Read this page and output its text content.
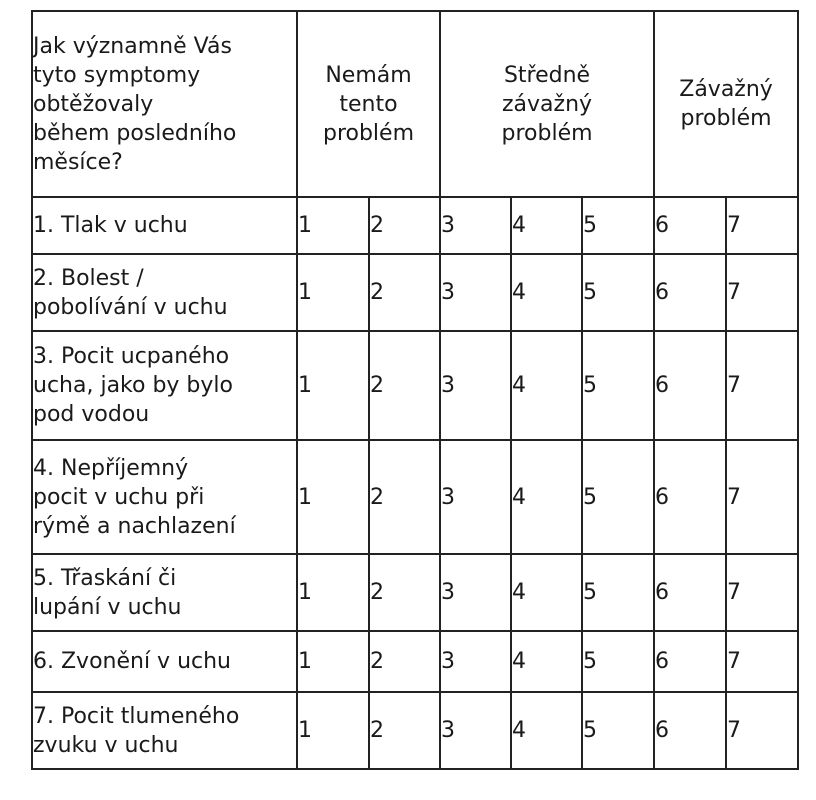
Jak významně Vás
tyto symptomy
obtěžovaly
během posledního
měsíce?	Nemám
tento
problém		Středně
závažný
problém			Závažný
problém	

1. Tlak v uchu	1	2	3	4	5	6	7

2. Bolest /
pobolívání v uchu	1	2	3	4	5	6	7

3. Pocit ucpaného
ucha, jako by bylo
pod vodou	1	2	3	4	5	6	7

4. Nepříjemný
pocit v uchu při
rýmě a nachlazení	1	2	3	4	5	6	7

5. Třaskání či
lupání v uchu	1	2	3	4	5	6	7

6. Zvonění v uchu	1	2	3	4	5	6	7

7. Pocit tlumeného
zvuku v uchu	1	2	3	4	5	6	7
